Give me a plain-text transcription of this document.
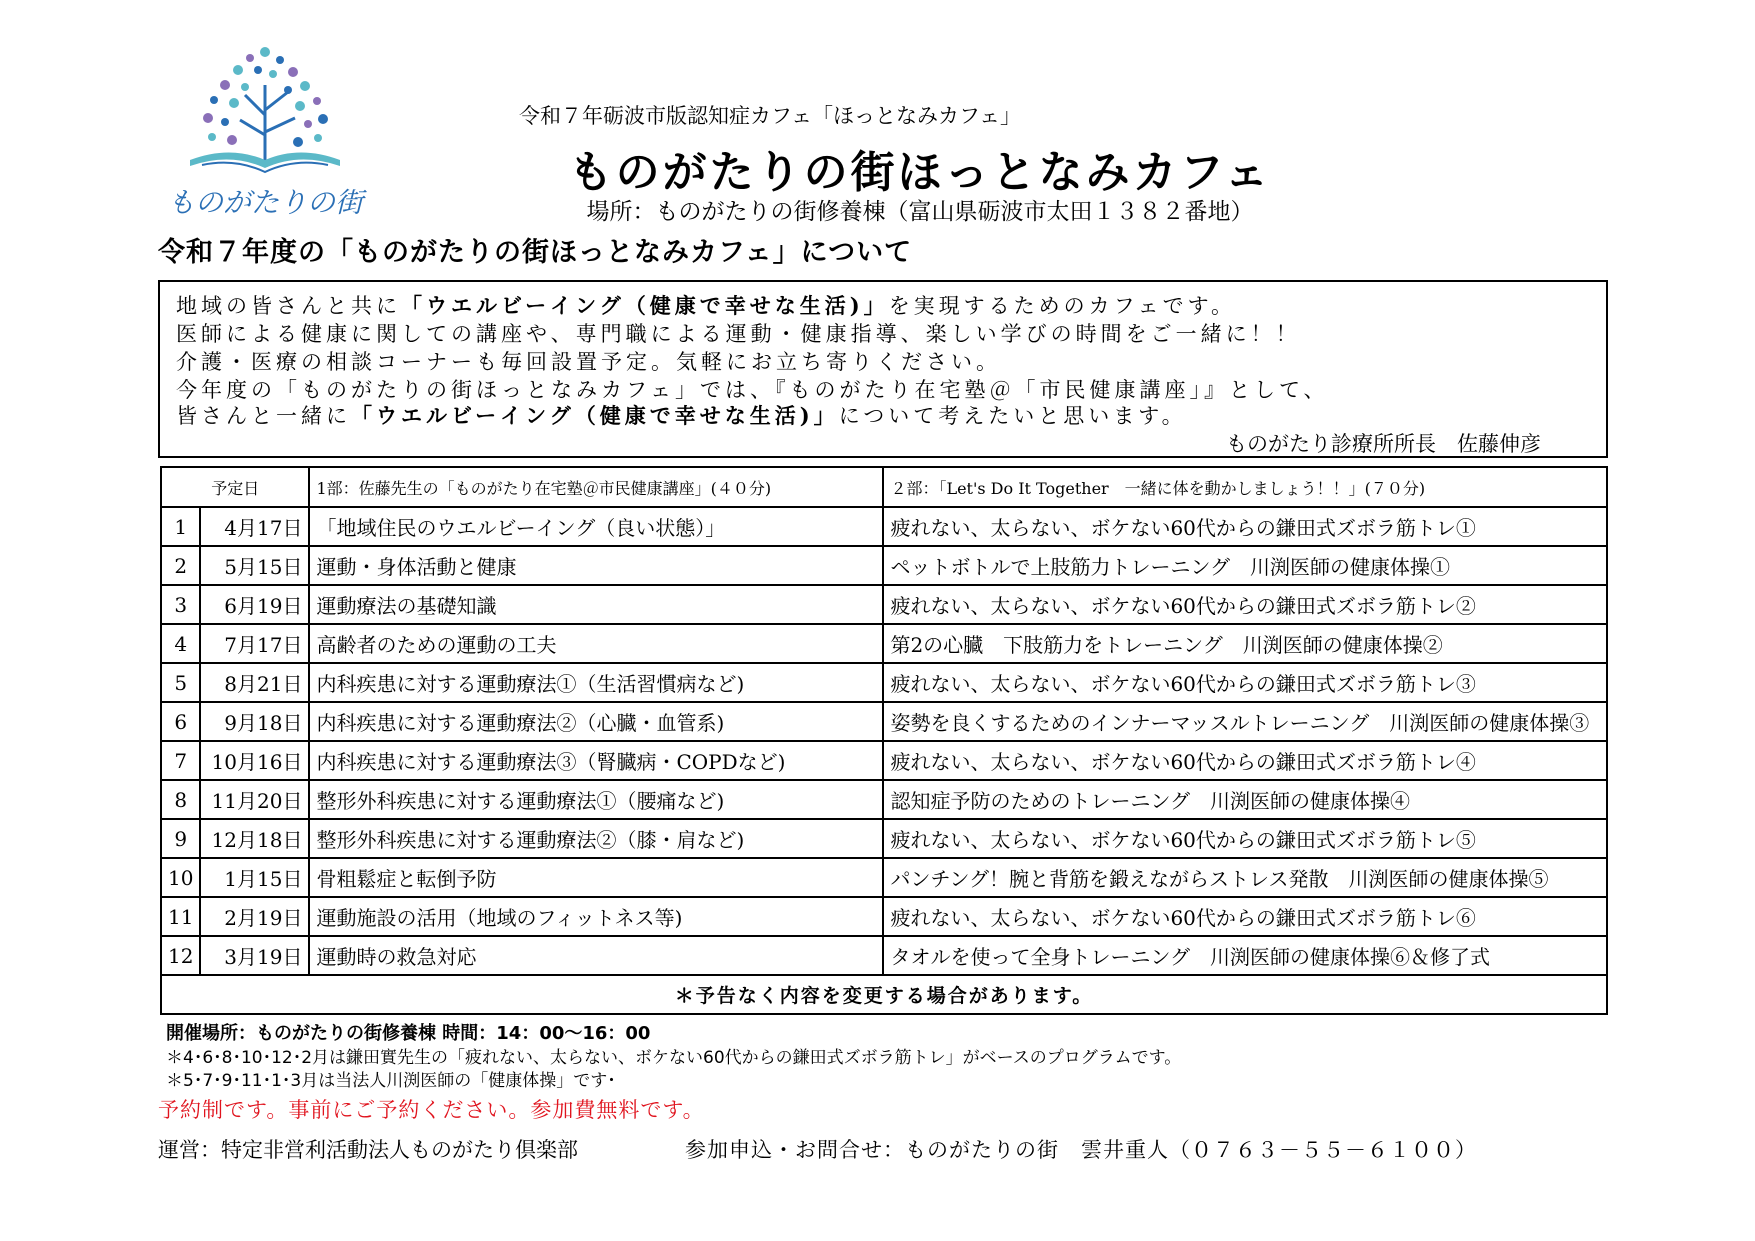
ものがたりの街
令和７年砺波市版認知症カフェ「ほっとなみカフェ」
ものがたりの街ほっとなみカフェ
場所：ものがたりの街修養棟（富山県砺波市太田１３８２番地）
令和７年度の「ものがたりの街ほっとなみカフェ」について
地域の皆さんと共に「ウエルビーイング（健康で幸せな生活)」を実現するためのカフェです。
医師による健康に関しての講座や、専門職による運動・健康指導、楽しい学びの時間をご一緒に！！
介護・医療の相談コーナーも毎回設置予定。気軽にお立ち寄りください。
今年度の「ものがたりの街ほっとなみカフェ」では、『ものがたり在宅塾＠「市民健康講座」』として、
皆さんと一緒に「ウエルビーイング（健康で幸せな生活)」について考えたいと思います。
ものがたり診療所所長　佐藤伸彦
予定日		1部：佐藤先生の「ものがたり在宅塾＠市民健康講座」(４０分)	２部：「Let's Do It Together　一緒に体を動かしましょう！！」(７０分)
1	4月17日	「地域住民のウエルビーイング（良い状態）」	疲れない、太らない、ボケない60代からの鎌田式ズボラ筋トレ①
2	5月15日	運動・身体活動と健康	ペットボトルで上肢筋力トレーニング　川渕医師の健康体操①
3	6月19日	運動療法の基礎知識	疲れない、太らない、ボケない60代からの鎌田式ズボラ筋トレ②
4	7月17日	高齢者のための運動の工夫	第2の心臓　下肢筋力をトレーニング　川渕医師の健康体操②
5	8月21日	内科疾患に対する運動療法①（生活習慣病など)	疲れない、太らない、ボケない60代からの鎌田式ズボラ筋トレ③
6	9月18日	内科疾患に対する運動療法②（心臓・血管系)	姿勢を良くするためのインナーマッスルトレーニング　川渕医師の健康体操③
7	10月16日	内科疾患に対する運動療法③（腎臓病・COPDなど)	疲れない、太らない、ボケない60代からの鎌田式ズボラ筋トレ④
8	11月20日	整形外科疾患に対する運動療法①（腰痛など)	認知症予防のためのトレーニング　川渕医師の健康体操④
9	12月18日	整形外科疾患に対する運動療法②（膝・肩など)	疲れない、太らない、ボケない60代からの鎌田式ズボラ筋トレ⑤
10	1月15日	骨粗鬆症と転倒予防	パンチング！腕と背筋を鍛えながらストレス発散　川渕医師の健康体操⑤
11	2月19日	運動施設の活用（地域のフィットネス等)	疲れない、太らない、ボケない60代からの鎌田式ズボラ筋トレ⑥
12	3月19日	運動時の救急対応	タオルを使って全身トレーニング　川渕医師の健康体操⑥＆修了式
＊予告なく内容を変更する場合があります。			
開催場所：ものがたりの街修養棟 時間：14：00～16：00
＊4･6･8･10･12･2月は鎌田實先生の「疲れない、太らない、ボケない60代からの鎌田式ズボラ筋トレ」がベースのプログラムです。
＊5･7･9･11･1･3月は当法人川渕医師の「健康体操」です･
予約制です。事前にご予約ください。参加費無料です。
運営：特定非営利活動法人ものがたり倶楽部	参加申込・お問合せ：ものがたりの街　雲井重人（０７６３－５５－６１００）
